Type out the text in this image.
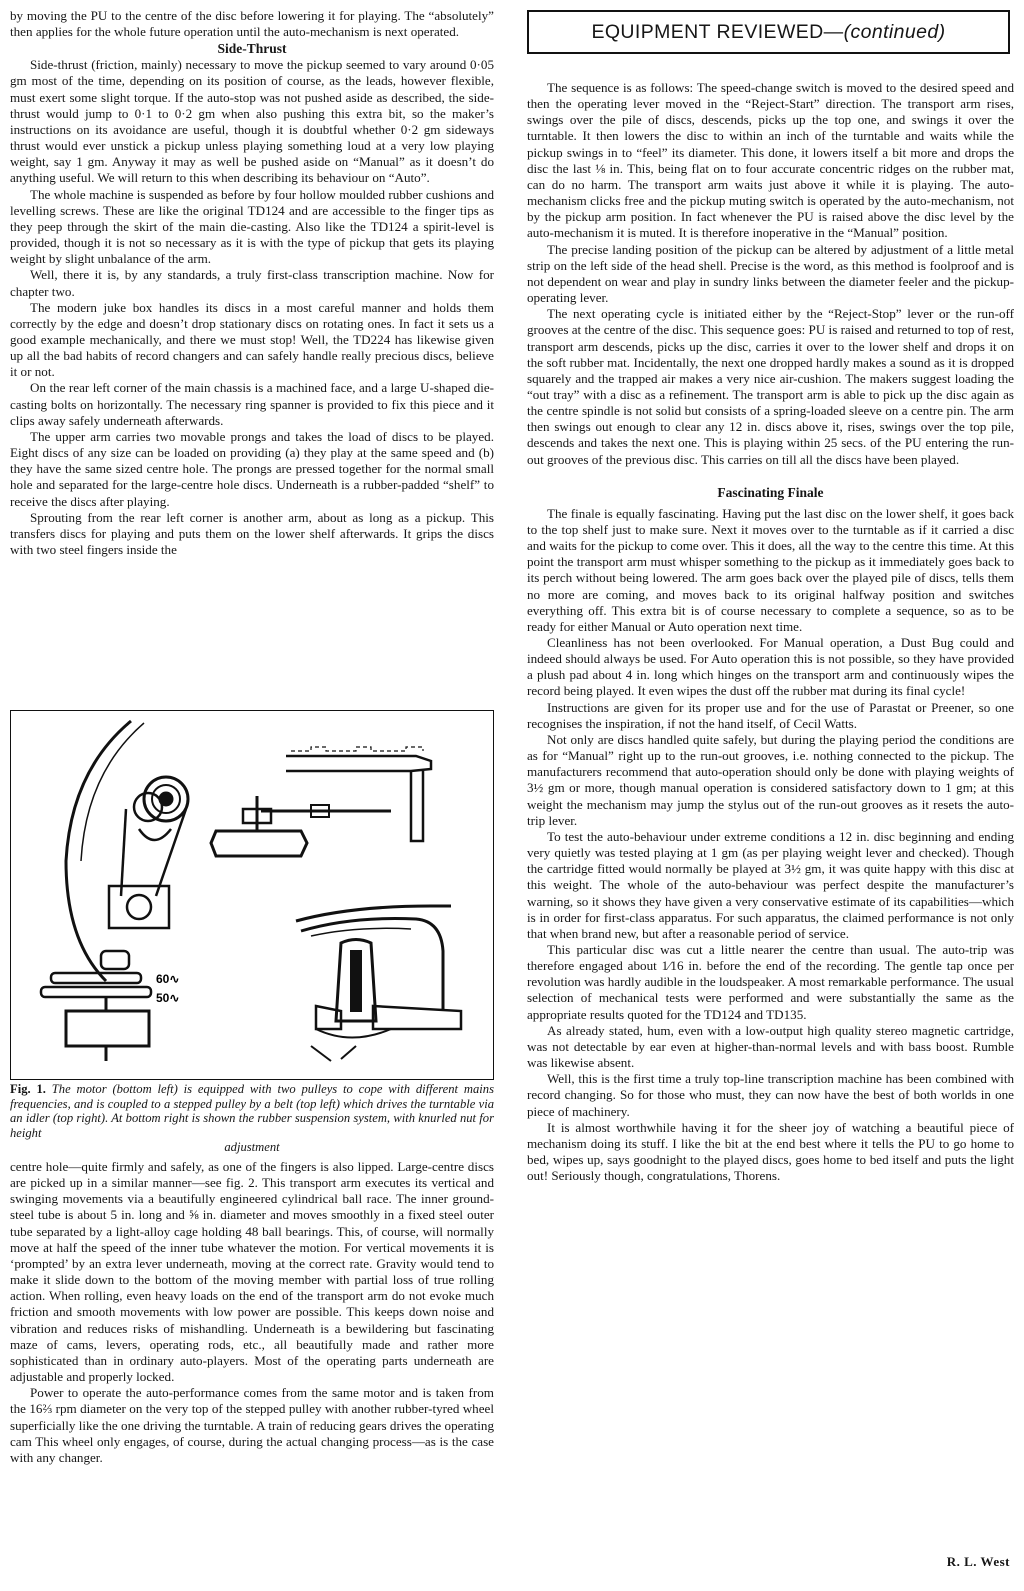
by moving the PU to the centre of the disc before lowering it for playing. The “absolutely” then applies for the whole future operation until the auto-mechanism is next operated.

Side-Thrust

Side-thrust (friction, mainly) necessary to move the pickup seemed to vary around 0·05 gm most of the time, depending on its position of course, as the leads, however flexible, must exert some slight torque. If the auto-stop was not pushed aside as described, the side-thrust would jump to 0·1 to 0·2 gm when also pushing this extra bit, so the maker’s instructions on its avoidance are useful, though it is doubtful whether 0·2 gm sideways thrust would ever unstick a pickup unless playing something loud at a very low playing weight, say 1 gm. Anyway it may as well be pushed aside on “Manual” as it doesn’t do anything useful. We will return to this when describing its behaviour on “Auto”.

The whole machine is suspended as before by four hollow moulded rubber cushions and levelling screws. These are like the original TD124 and are accessible to the finger tips as they peep through the skirt of the main die-casting. Also like the TD124 a spirit-level is provided, though it is not so necessary as it is with the type of pickup that gets its playing weight by slight unbalance of the arm.

Well, there it is, by any standards, a truly first-class transcription machine. Now for chapter two.

The modern juke box handles its discs in a most careful manner and holds them correctly by the edge and doesn’t drop stationary discs on rotating ones. In fact it sets us a good example mechanically, and there we must stop! Well, the TD224 has likewise given up all the bad habits of record changers and can safely handle really precious discs, believe it or not.

On the rear left corner of the main chassis is a machined face, and a large U-shaped die-casting bolts on horizontally. The necessary ring spanner is provided to fix this piece and it clips away safely underneath afterwards.

The upper arm carries two movable prongs and takes the load of discs to be played. Eight discs of any size can be loaded on providing (a) they play at the same speed and (b) they have the same sized centre hole. The prongs are pressed together for the normal small hole and separated for the large-centre hole discs. Underneath is a rubber-padded “shelf” to receive the discs after playing.

Sprouting from the rear left corner is another arm, about as long as a pickup. This transfers discs for playing and puts them on the lower shelf afterwards. It grips the discs with two steel fingers inside the

60∿
50∿
Fig. 1. The motor (bottom left) is equipped with two pulleys to cope with different mains frequencies, and is coupled to a stepped pulley by a belt (top left) which drives the turntable via an idler (top right). At bottom right is shown the rubber suspension system, with knurled nut for height
adjustment

centre hole—quite firmly and safely, as one of the fingers is also lipped. Large-centre discs are picked up in a similar manner—see fig. 2. This transport arm executes its vertical and swinging movements via a beautifully engineered cylindrical ball race. The inner ground-steel tube is about 5 in. long and ⅝ in. diameter and moves smoothly in a fixed steel outer tube separated by a light-alloy cage holding 48 ball bearings. This, of course, will normally move at half the speed of the inner tube whatever the motion. For vertical movements it is ‘prompted’ by an extra lever underneath, moving at the correct rate. Gravity would tend to make it slide down to the bottom of the moving member with partial loss of true rolling action. When rolling, even heavy loads on the end of the transport arm do not evoke much friction and smooth movements with low power are possible. This keeps down noise and vibration and reduces risks of mishandling. Underneath is a bewildering but fascinating maze of cams, levers, operating rods, etc., all beautifully made and rather more sophisticated than in ordinary auto-players. Most of the operating parts underneath are adjustable and properly locked.

Power to operate the auto-performance comes from the same motor and is taken from the 16⅔ rpm diameter on the very top of the stepped pulley with another rubber-tyred wheel superficially like the one driving the turntable. A train of reducing gears drives the operating cam This wheel only engages, of course, during the actual changing process—as is the case with any changer.

EQUIPMENT REVIEWED— (continued)

The sequence is as follows: The speed-change switch is moved to the desired speed and then the operating lever moved in the “Reject-Start” direction. The transport arm rises, swings over the pile of discs, descends, picks up the top one, and swings it over the turntable. It then lowers the disc to within an inch of the turntable and waits while the pickup swings in to “feel” its diameter. This done, it lowers itself a bit more and drops the disc the last ⅛ in. This, being flat on to four accurate concentric ridges on the rubber mat, can do no harm. The transport arm waits just above it while it is playing. The auto-mechanism clicks free and the pickup muting switch is operated by the auto-mechanism, not by the pickup arm position. In fact whenever the PU is raised above the disc level by the auto-mechanism it is muted. It is therefore inoperative in the “Manual” position.

The precise landing position of the pickup can be altered by adjustment of a little metal strip on the left side of the head shell. Precise is the word, as this method is foolproof and is not dependent on wear and play in sundry links between the diameter feeler and the pickup-operating lever.

The next operating cycle is initiated either by the “Reject-Stop” lever or the run-off grooves at the centre of the disc. This sequence goes: PU is raised and returned to top of rest, transport arm descends, picks up the disc, carries it over to the lower shelf and drops it on the soft rubber mat. Incidentally, the next one dropped hardly makes a sound as it is dropped squarely and the trapped air makes a very nice air-cushion. The makers suggest loading the “out tray” with a disc as a refinement. The transport arm is able to pick up the disc again as the centre spindle is not solid but consists of a spring-loaded sleeve on a centre pin. The arm then swings out enough to clear any 12 in. discs above it, rises, swings over the top pile, descends and takes the next one. This is playing within 25 secs. of the PU entering the run-out grooves of the previous disc. This carries on till all the discs have been played.

Fascinating Finale

The finale is equally fascinating. Having put the last disc on the lower shelf, it goes back to the top shelf just to make sure. Next it moves over to the turntable as if it carried a disc and waits for the pickup to come over. This it does, all the way to the centre this time. At this point the transport arm must whisper something to the pickup as it immediately goes back to its perch without being lowered. The arm goes back over the played pile of discs, tells them no more are coming, and moves back to its original halfway position and switches everything off. This extra bit is of course necessary to complete a sequence, so as to be ready for either Manual or Auto operation next time.

Cleanliness has not been overlooked. For Manual operation, a Dust Bug could and indeed should always be used. For Auto operation this is not possible, so they have provided a plush pad about 4 in. long which hinges on the transport arm and continuously wipes the record being played. It even wipes the dust off the rubber mat during its final cycle!

Instructions are given for its proper use and for the use of Parastat or Preener, so one recognises the inspiration, if not the hand itself, of Cecil Watts.

Not only are discs handled quite safely, but during the playing period the conditions are as for “Manual” right up to the run-out grooves, i.e. nothing connected to the pickup. The manufacturers recommend that auto-operation should only be done with playing weights of 3½ gm or more, though manual operation is considered satisfactory down to 1 gm; at this weight the mechanism may jump the stylus out of the run-out grooves as it resets the auto-trip lever.

To test the auto-behaviour under extreme conditions a 12 in. disc beginning and ending very quietly was tested playing at 1 gm (as per playing weight lever and checked). Though the cartridge fitted would normally be played at 3½ gm, it was quite happy with this disc at this weight. The whole of the auto-behaviour was perfect despite the manufacturer’s warning, so it shows they have given a very conservative estimate of its capabilities—which is in order for first-class apparatus. For such apparatus, the claimed performance is not only that when brand new, but after a reasonable period of service.

This particular disc was cut a little nearer the centre than usual. The auto-trip was therefore engaged about 1⁄16 in. before the end of the recording. The gentle tap once per revolution was hardly audible in the loudspeaker. A most remarkable performance. The usual selection of mechanical tests were performed and were substantially the same as the appropriate results quoted for the TD124 and TD135.

As already stated, hum, even with a low-output high quality stereo magnetic cartridge, was not detectable by ear even at higher-than-normal levels and with bass boost. Rumble was likewise absent.

Well, this is the first time a truly top-line transcription machine has been combined with record changing. So for those who must, they can now have the best of both worlds in one piece of machinery.

It is almost worthwhile having it for the sheer joy of watching a beautiful piece of mechanism doing its stuff. I like the bit at the end best where it tells the PU to go home to bed, wipes up, says goodnight to the played discs, goes home to bed itself and puts the light out! Seriously though, congratulations, Thorens.

R. L. West
